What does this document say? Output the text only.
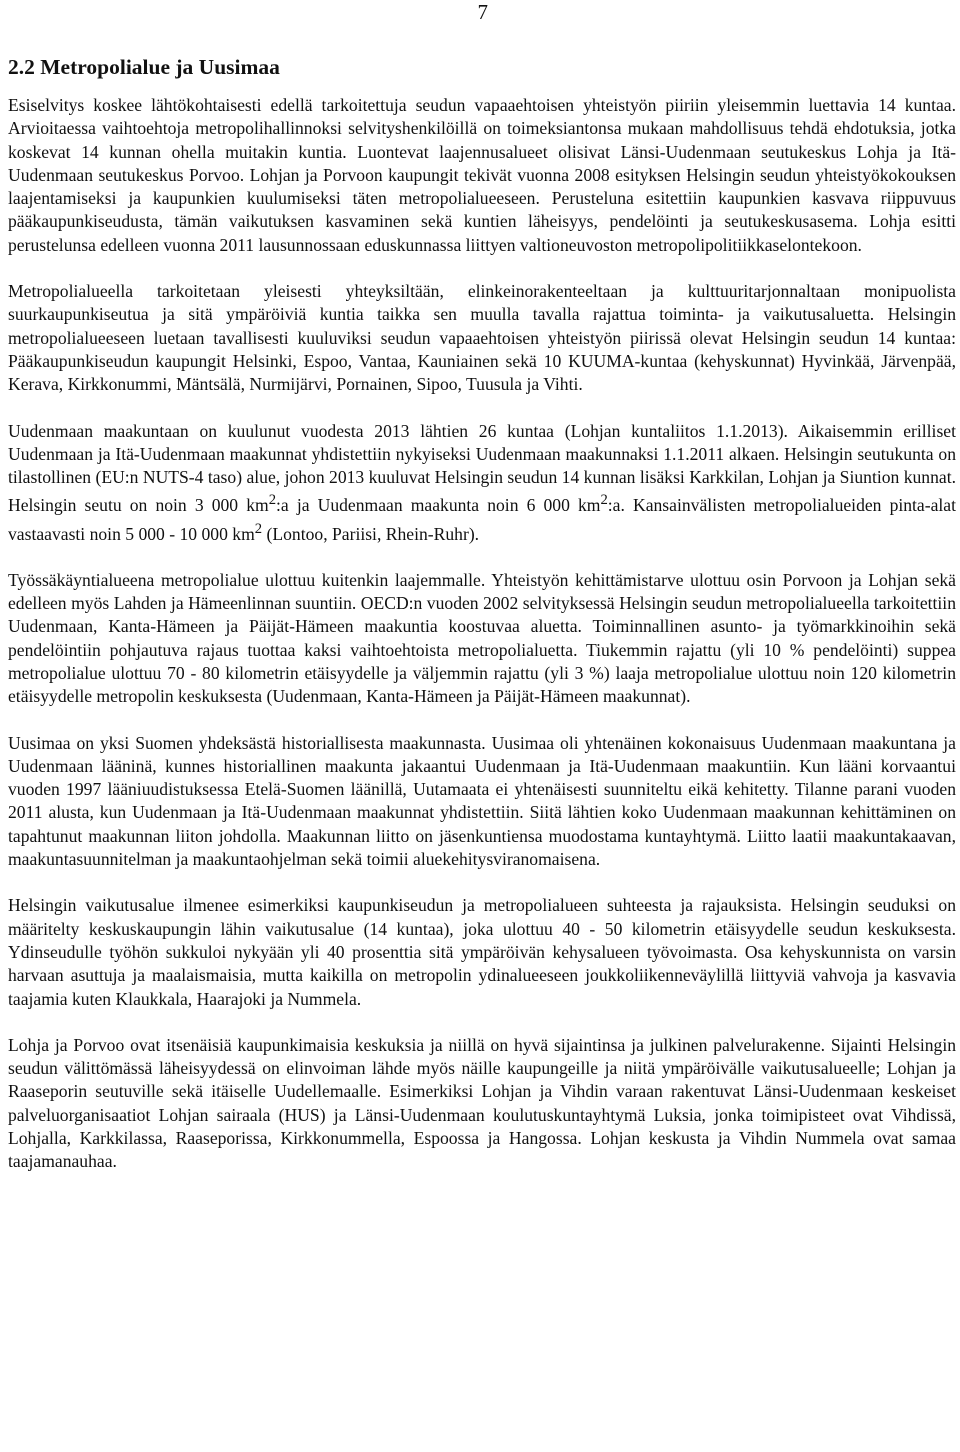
7
2.2 Metropolialue ja Uusimaa

Esiselvitys koskee lähtökohtaisesti edellä tarkoitettuja seudun vapaaehtoisen yhteistyön piiriin yleisemmin luettavia 14 kuntaa. Arvioitaessa vaihtoehtoja metropolihallinnoksi selvityshenkilöillä on toimeksiantonsa mukaan mahdollisuus tehdä ehdotuksia, jotka koskevat 14 kunnan ohella muitakin kuntia. Luontevat laajennusalueet olisivat Länsi-Uudenmaan seutukeskus Lohja ja Itä-Uudenmaan seutukeskus Porvoo. Lohjan ja Porvoon kaupungit tekivät vuonna 2008 esityksen Helsingin seudun yhteistyökokouksen laajentamiseksi ja kaupunkien kuulumiseksi täten metropolialueeseen. Perusteluna esitettiin kaupunkien kasvava riippuvuus pääkaupunkiseudusta, tämän vaikutuksen kasvaminen sekä kuntien läheisyys, pendelöinti ja seutukeskusasema. Lohja esitti perustelunsa edelleen vuonna 2011 lausunnossaan eduskunnassa liittyen valtioneuvoston metropolipolitiikkaselontekoon.

Metropolialueella tarkoitetaan yleisesti yhteyksiltään, elinkeinorakenteeltaan ja kulttuuritarjonnaltaan monipuolista suurkaupunkiseutua ja sitä ympäröiviä kuntia taikka sen muulla tavalla rajattua toiminta- ja vaikutusaluetta. Helsingin metropolialueeseen luetaan tavallisesti kuuluviksi seudun vapaaehtoisen yhteistyön piirissä olevat Helsingin seudun 14 kuntaa: Pääkaupunkiseudun kaupungit Helsinki, Espoo, Vantaa, Kauniainen sekä 10 KUUMA-kuntaa (kehyskunnat) Hyvinkää, Järvenpää, Kerava, Kirkkonummi, Mäntsälä, Nurmijärvi, Pornainen, Sipoo, Tuusula ja Vihti.

Uudenmaan maakuntaan on kuulunut vuodesta 2013 lähtien 26 kuntaa (Lohjan kuntaliitos 1.1.2013). Aikaisemmin erilliset Uudenmaan ja Itä-Uudenmaan maakunnat yhdistettiin nykyiseksi Uudenmaan maakunnaksi 1.1.2011 alkaen. Helsingin seutukunta on tilastollinen (EU:n NUTS-4 taso) alue, johon 2013 kuuluvat Helsingin seudun 14 kunnan lisäksi Karkkilan, Lohjan ja Siuntion kunnat. Helsingin seutu on noin 3 000 $km^2:a$ ja Uudenmaan maakunta noin 6 000 $km^2:a$. Kansainvälisten metropolialueiden pinta-alat vastaavasti noin 5 000 - 10 000 $km^2$ (Lontoo, Pariisi, Rhein-Ruhr).

Työssäkäyntialueena metropolialue ulottuu kuitenkin laajemmalle. Yhteistyön kehittämistarve ulottuu osin Porvoon ja Lohjan sekä edelleen myös Lahden ja Hämeenlinnan suuntiin. OECD:n vuoden 2002 selvityksessä Helsingin seudun metropolialueella tarkoitettiin Uudenmaan, Kanta-Hämeen ja Päijät-Hämeen maakuntia koostuvaa aluetta. Toiminnallinen asunto- ja työmarkkinoihin sekä pendelöintiin pohjautuva rajaus tuottaa kaksi vaihtoehtoista metropolialuetta. Tiukemmin rajattu (yli 10 % pendelöinti) suppea metropolialue ulottuu 70 - 80 kilometrin etäisyydelle ja väljemmin rajattu (yli 3 %) laaja metropolialue ulottuu noin 120 kilometrin etäisyydelle metropolin keskuksesta (Uudenmaan, Kanta-Hämeen ja Päijät-Hämeen maakunnat).

Uusimaa on yksi Suomen yhdeksästä historiallisesta maakunnasta. Uusimaa oli yhtenäinen kokonaisuus Uudenmaan maakuntana ja Uudenmaan lääninä, kunnes historiallinen maakunta jakaantui Uudenmaan ja Itä-Uudenmaan maakuntiin. Kun lääni korvaantui vuoden 1997 lääniuudistuksessa Etelä-Suomen läänillä, Uutamaata ei yhtenäisesti suunniteltu eikä kehitetty. Tilanne parani vuoden 2011 alusta, kun Uudenmaan ja Itä-Uudenmaan maakunnat yhdistettiin. Siitä lähtien koko Uudenmaan maakunnan kehittäminen on tapahtunut maakunnan liiton johdolla. Maakunnan liitto on jäsenkuntiensa muodostama kuntayhtymä. Liitto laatii maakuntakaavan, maakuntasuunnitelman ja maakuntaohjelman sekä toimii aluekehitysviranomaisena.

Helsingin vaikutusalue ilmenee esimerkiksi kaupunkiseudun ja metropolialueen suhteesta ja rajauksista. Helsingin seuduksi on määritelty keskuskaupungin lähin vaikutusalue (14 kuntaa), joka ulottuu 40 - 50 kilometrin etäisyydelle seudun keskuksesta. Ydinseudulle työhön sukkuloi nykyään yli 40 prosenttia sitä ympäröivän kehysalueen työvoimasta. Osa kehyskunnista on varsin harvaan asuttuja ja maalaismaisia, mutta kaikilla on metropolin ydinalueeseen joukkoliikenneväylillä liittyviä vahvoja ja kasvavia taajamia kuten Klaukkala, Haarajoki ja Nummela.

Lohja ja Porvoo ovat itsenäisiä kaupunkimaisia keskuksia ja niillä on hyvä sijaintinsa ja julkinen palvelurakenne. Sijainti Helsingin seudun välittömässä läheisyydessä on elinvoiman lähde myös näille kaupungeille ja niitä ympäröivälle vaikutusalueelle; Lohjan ja Raaseporin seutuville sekä itäiselle Uudellemaalle. Esimerkiksi Lohjan ja Vihdin varaan rakentuvat Länsi-Uudenmaan keskeiset palveluorganisaatiot Lohjan sairaala (HUS) ja Länsi-Uudenmaan koulutuskuntayhtymä Luksia, jonka toimipisteet ovat Vihdissä, Lohjalla, Karkkilassa, Raaseporissa, Kirkkonummella, Espoossa ja Hangossa. Lohjan keskusta ja Vihdin Nummela ovat samaa taajamanauhaa.
